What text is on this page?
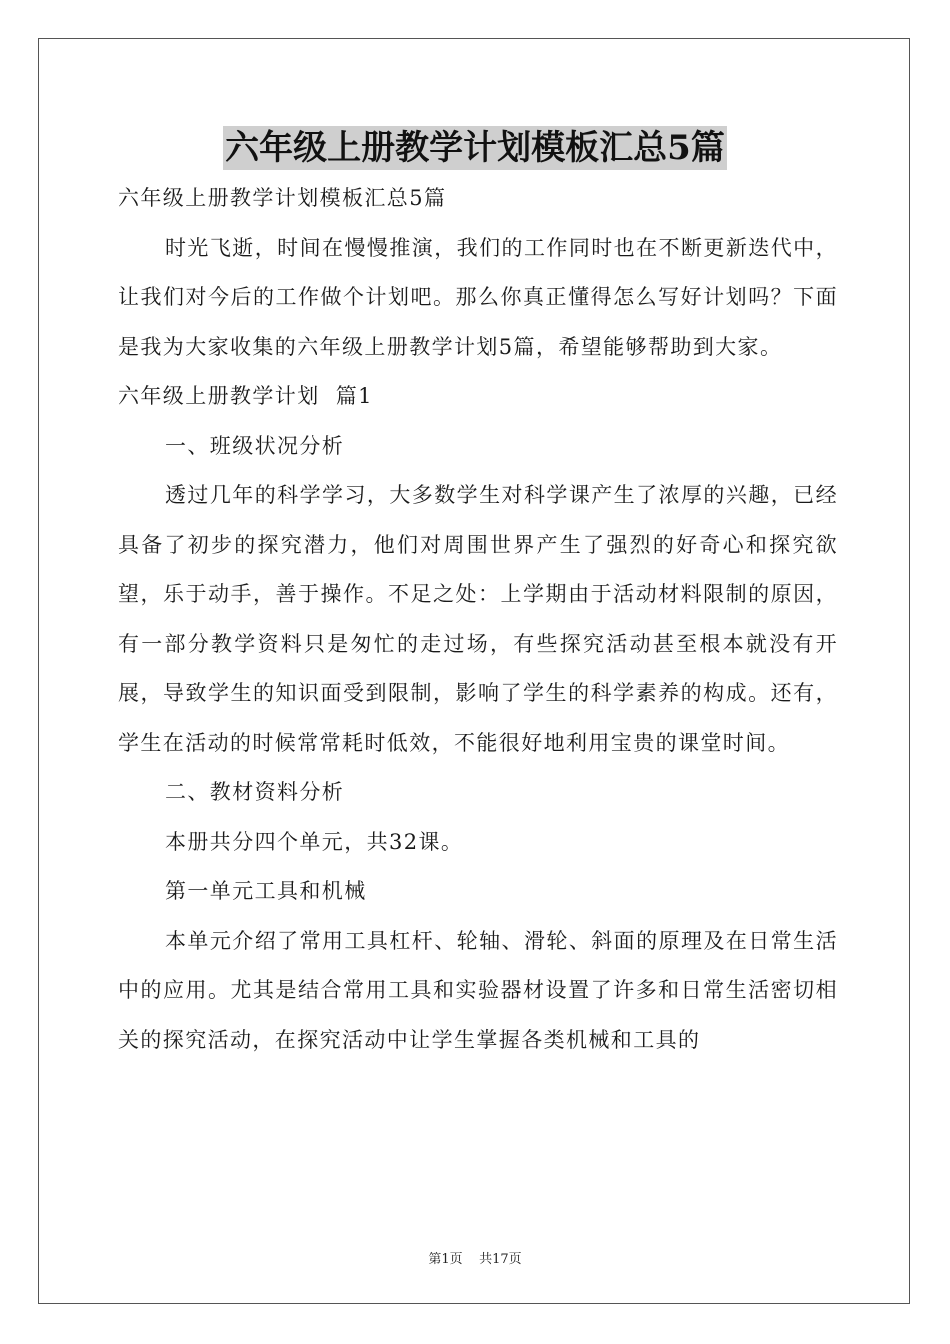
六年级上册教学计划模板汇总5篇

六年级上册教学计划模板汇总5篇

时光飞逝，时间在慢慢推演，我们的工作同时也在不断更新迭代中，让我们对今后的工作做个计划吧。那么你真正懂得怎么写好计划吗？下面是我为大家收集的六年级上册教学计划5篇，希望能够帮助到大家。

六年级上册教学计划  篇1

一、班级状况分析

透过几年的科学学习，大多数学生对科学课产生了浓厚的兴趣，已经具备了初步的探究潜力，他们对周围世界产生了强烈的好奇心和探究欲望，乐于动手，善于操作。不足之处：上学期由于活动材料限制的原因，有一部分教学资料只是匆忙的走过场，有些探究活动甚至根本就没有开展，导致学生的知识面受到限制，影响了学生的科学素养的构成。还有，学生在活动的时候常常耗时低效，不能很好地利用宝贵的课堂时间。

二、教材资料分析

本册共分四个单元，共32课。

第一单元工具和机械

本单元介绍了常用工具杠杆、轮轴、滑轮、斜面的原理及在日常生活中的应用。尤其是结合常用工具和实验器材设置了许多和日常生活密切相关的探究活动，在探究活动中让学生掌握各类机械和工具的

第1页    共17页
